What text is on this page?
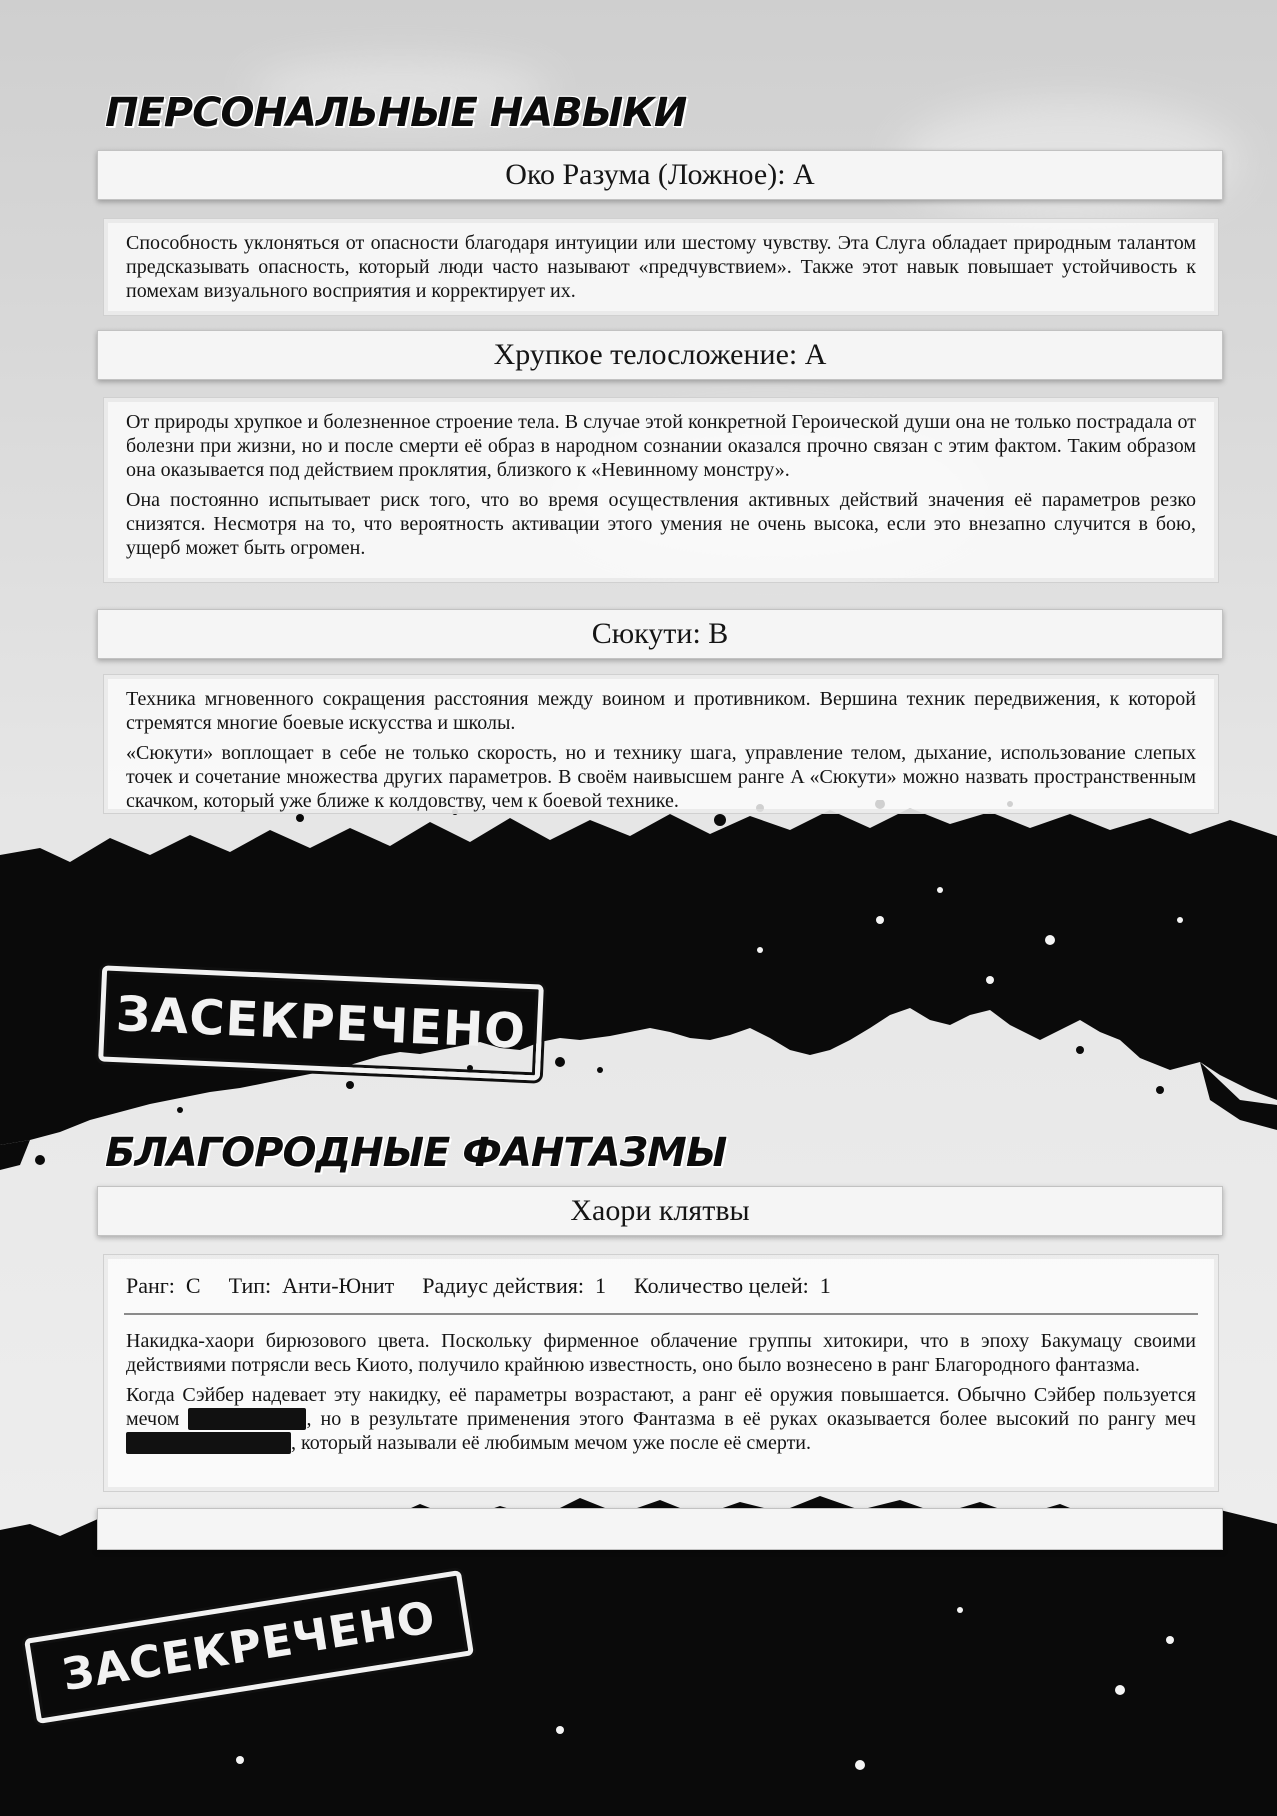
ПЕРСОНАЛЬНЫЕ НАВЫКИ
Око Разума (Ложное): A

Способность уклоняться от опасности благодаря интуиции или шестому чувству. Эта Слуга обладает природным талантом предсказывать опасность, который люди часто называют «предчувствием». Также этот навык повышает устойчивость к помехам визуального восприятия и корректирует их.

Хрупкое телосложение: A

От природы хрупкое и болезненное строение тела. В случае этой конкретной Героической души она не только пострадала от болезни при жизни, но и после смерти её образ в народном сознании оказался прочно связан с этим фактом. Таким образом она оказывается под действием проклятия, близкого к «Невинному монстру».

Она постоянно испытывает риск того, что во время осуществления активных действий значения её параметров резко снизятся. Несмотря на то, что вероятность активации этого умения не очень высока, если это внезапно случится в бою, ущерб может быть огромен.

Сюкути: B

Техника мгновенного сокращения расстояния между воином и противником. Вершина техник передвижения, к которой стремятся многие боевые искусства и школы.

«Сюкути» воплощает в себе не только скорость, но и технику шага, управление телом, дыхание, использование слепых точек и сочетание множества других параметров. В своём наивысшем ранге A «Сюкути» можно назвать пространственным скачком, который уже ближе к колдовству, чем к боевой технике.

ЗАСЕКРЕЧЕНО
БЛАГОРОДНЫЕ ФАНТАЗМЫ
Хаори клятвы
Ранг:  C Тип:  Анти-Юнит Радиус действия:  1 Количество целей:  1

Накидка-хаори бирюзового цвета. Поскольку фирменное облачение группы хитокири, что в эпоху Бакумацу своими действиями потрясли весь Киото, получило крайнюю известность, оно было вознесено в ранг Благородного фантазма.

Когда Сэйбер надевает эту накидку, её параметры возрастают, а ранг её оружия повышается. Обычно Сэйбер пользуется мечом	, но в результате применения этого Фантазма в её руках оказывается более высокий по рангу меч , который называли её любимым мечом уже после её смерти.

ЗАСЕКРЕЧЕНО
